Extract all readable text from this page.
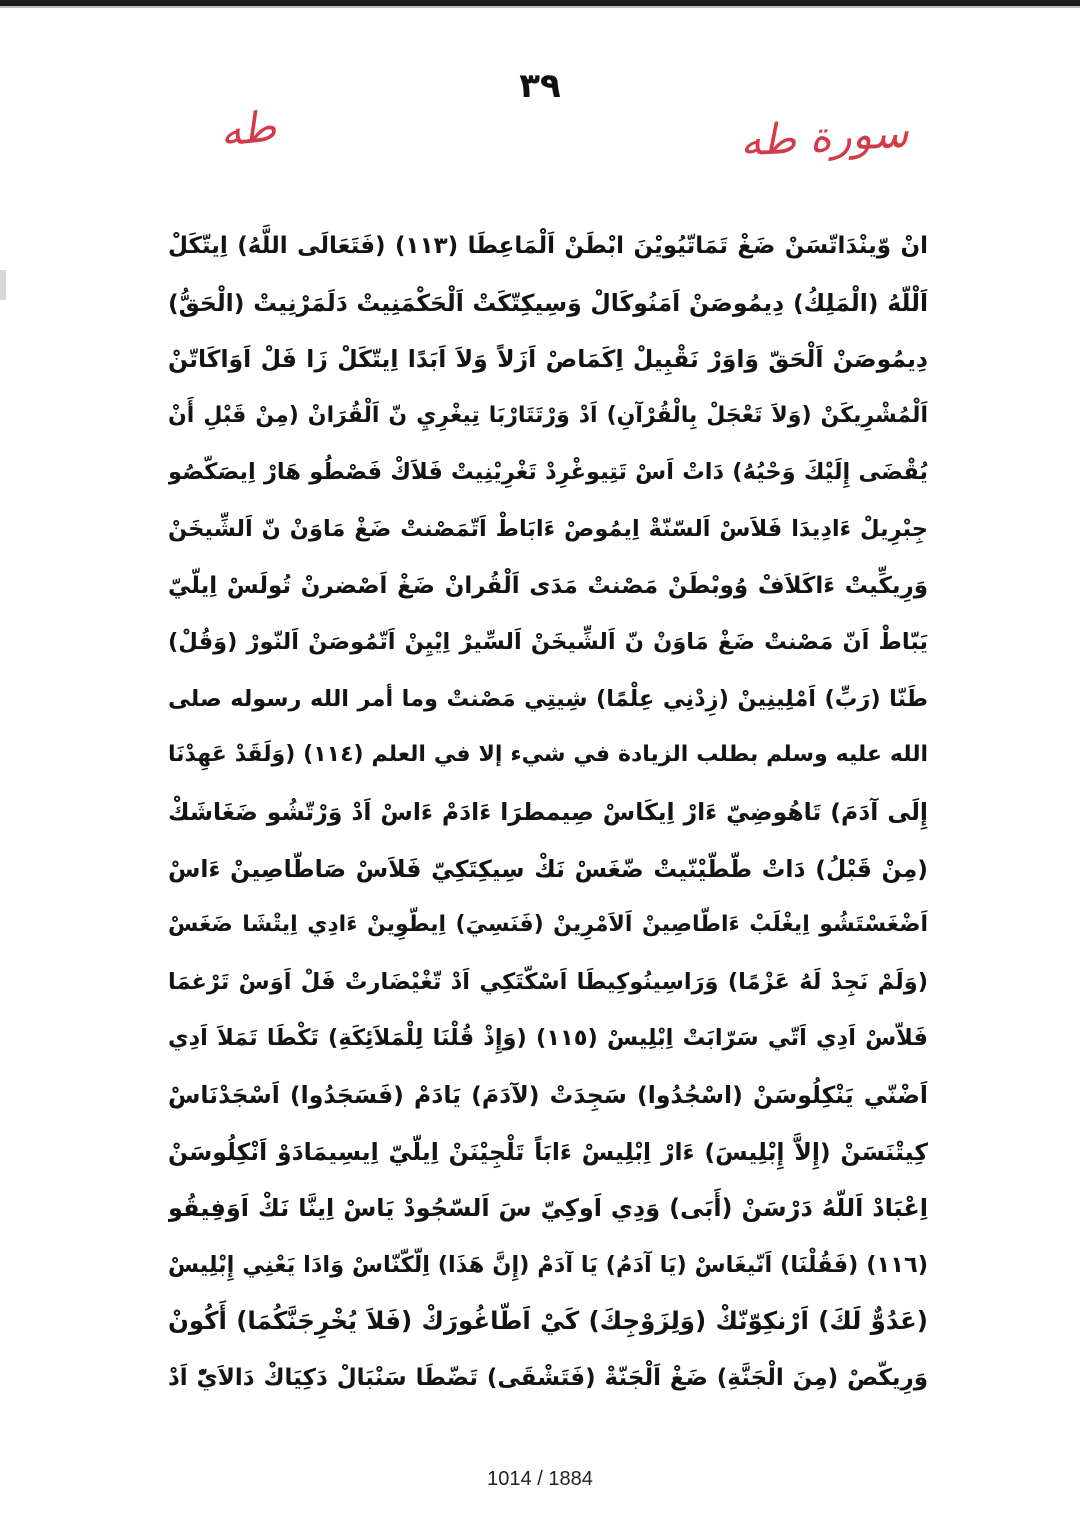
٣٩
طه	سورة طه
انْ وّينْدَاتّسَنْ ضَغْ تَمَاتّيُويْنَ ابْطَنْ اَلْمَاعِطَا (١١٣) (فَتَعَالَى اللَّهُ) اِيتّكَلْ
اَلْلّهُ (الْمَلِكُ) دِيمُوصَنْ اَمَنُوكَالْ وَسِيكِتّكَتْ اَلْحَكْمَنِيتْ دَلَمَرْنِيتْ (الْحَقُّ)
دِيمُوصَنْ اَلْحَقّ وَاوَرْ نَقْبِيلْ اِكَمَاصْ اَزَلاً وَلاَ اَبَدًا اِيتّكَلْ زَا فَلْ اَوَاكَاتّنْ
اَلْمُشْرِيكَنْ (وَلاَ تَعْجَلْ بِالْقُرْآنِ) اَدْ وَرْتَتَارْبَا تِيغْرِيِ نّ اَلْقُرَانْ (مِنْ قَبْلِ أَنْ
يُقْضَى إِلَيْكَ وَحْيُهُ) دَاتْ اَسْ تَتِيوغْرِدْ تَغْرِيْنِيتْ فَلاَكْ فَصْطُو هَارْ اِيصَكّصُو
جِبْرِيلْ ءَادِيدَا فَلاَسْ اَلسّنّةْ اِيمُوصْ ءَابَاطْ اَتّمَصْنتْ ضَغْ مَاوَنْ نّ اَلشِّيخَنْ
وَرِيكِّيتْ ءَاكَلاَفْ وُوبْطَنْ مَصْنتْ مَدَى اَلْقُرانْ ضَغْ اَصْضرنْ تُولَسْ اِيلّيّ
يَبّاطْ اَنّ مَصْنتْ ضَغْ مَاوَنْ نّ اَلشِّيخَنْ اَلسِّيرْ اِيْيِنْ اَتّمُوصَنْ اَلنّورْ (وَقُلْ)
طَنّا (رَبِّ) اَمْلِينِينْ (زِدْنِي عِلْمًا) شِيتِي مَصْنتْ وما أمر الله رسوله صلى
الله عليه وسلم بطلب الزيادة في شيء إلا في العلم (١١٤) (وَلَقَدْ عَهِدْنَا
إِلَى آدَمَ) تَاهُوضِيّ ءَارْ اِيكَاسْ صِيمطرَا ءَادَمْ ءَاسْ اَدْ وَرْتّشُو ضَغَاشَكْ
(مِنْ قَبْلُ) دَاتْ طّطّيْنّيتْ ضّغَسْ نَكْ سِيكِتَكِيّ فَلاَسْ صَاطّاصِينْ ءَاسْ
اَضْغَسْتَشُو اِيغْلَبْ ءَاطّاصِينْ اَلاَمْرِينْ (فَنَسِيَ) اِيطّوِينْ ءَادِي اِيتْشَا ضَغَسْ
(وَلَمْ نَجِدْ لَهُ عَزْمًا) وَرَاسِينُوكِيطَا اَسْكّتَكِي اَدْ تّغْيْضَارتْ فَلْ اَوَسْ تَرْغمَا
فَلاّسْ اَدِي اَتّي سَرّابَتْ اِبْلِيسْ (١١٥) (وَإِذْ قُلْنَا لِلْمَلاَئِكَةِ) تَكْطَا تَمَلاَ اَدِي
اَضْنّي يَنْكِلُوسَنْ (اسْجُدُوا) سَجِدَتْ (لآدَمَ) يَادَمْ (فَسَجَدُوا) اَسْجَدْنَاسْ
كِيتْنَسَنْ (إِلاَّ إِبْلِيسَ) ءَارْ اِبْلِيسْ ءَابَاً تَلْجِيْنَنْ اِيلّيّ اِيسِيمَادَوْ اَنْكِلُوسَنْ
اِعْبَادْ اَللّهُ دَرْسَنْ (أَبَى) وَدِي اَوكِيّ سَ اَلسّجُودْ يَاسْ اِينَّا نَكْ اَوَفِيقُو
(١١٦) (فَقُلْنَا) اَنّيغَاسْ (يَا آدَمُ) يَا آدَمْ (إِنَّ هَذَا) اِلّكّنّاسْ وَادَا يَعْنِي إِبْلِيسْ
(عَدُوٌّ لَكَ) اَرْنكِوّنّكْ (وَلِزَوْجِكَ) كَيْ اَطّاغُورَكْ (فَلاَ يُخْرِجَنَّكُمَا) أَكُونْ
وَرِيكّصْ (مِنَ الْجَنَّةِ) ضَغْ اَلْجَنّةْ (فَتَشْقَى) تَضّطَا سَنْبَالْ دَكِيَاكْ دَالاَيّْ اَدْ
1014 / 1884
